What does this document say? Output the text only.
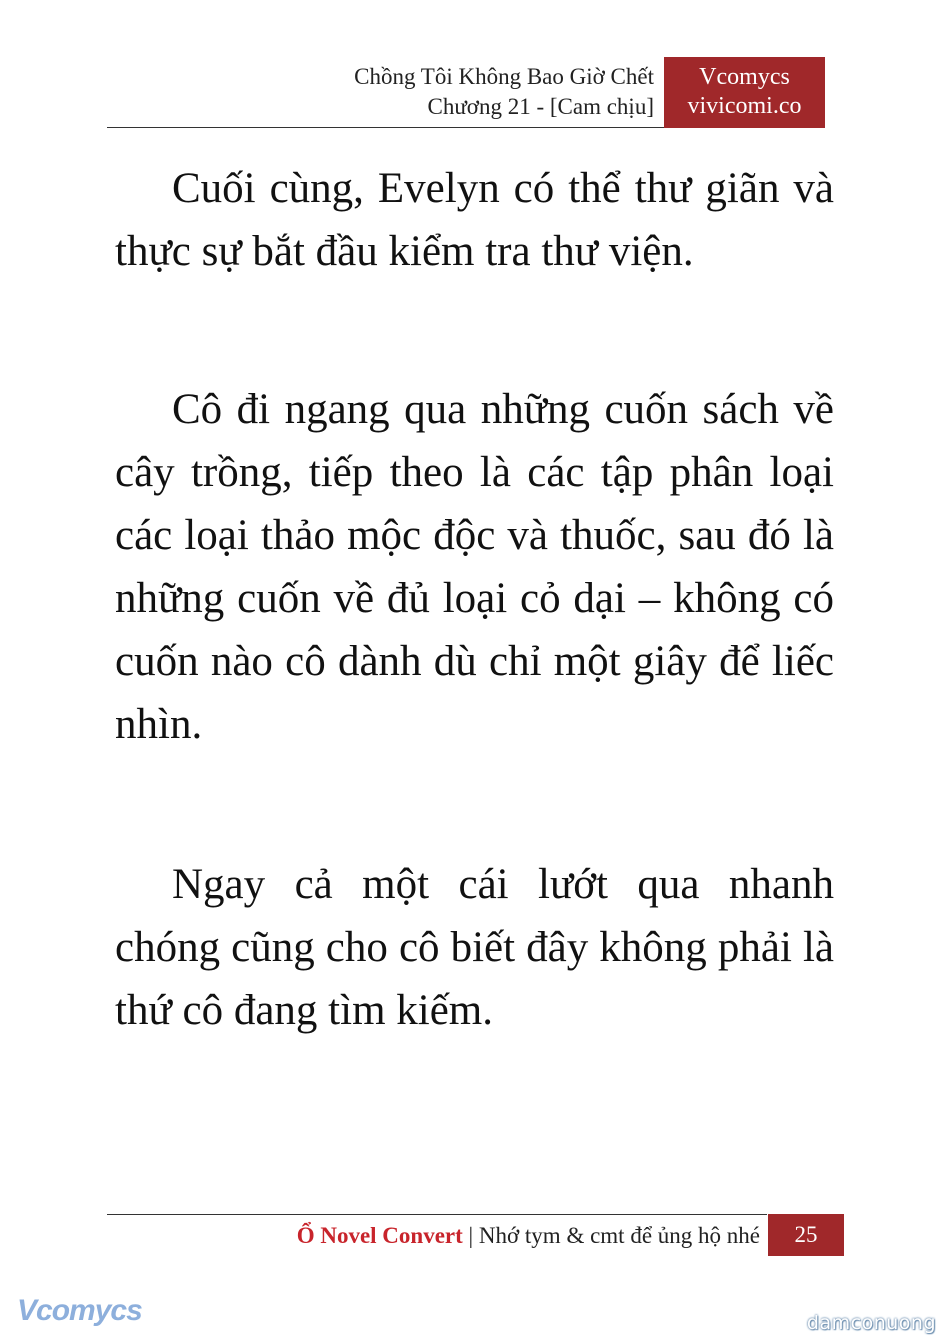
Chồng Tôi Không Bao Giờ Chết
Chương 21 - [Cam chịu]
Vcomycs
vivicomi.co

Cuối cùng, Evelyn có thể thư giãn và thực sự bắt đầu kiểm tra thư viện.

Cô đi ngang qua những cuốn sách về cây trồng, tiếp theo là các tập phân loại các loại thảo mộc độc và thuốc, sau đó là những cuốn về đủ loại cỏ dại – không có cuốn nào cô dành dù chỉ một giây để liếc nhìn.

Ngay cả một cái lướt qua nhanh chóng cũng cho cô biết đây không phải là thứ cô đang tìm kiếm.

Ổ Novel Convert | Nhớ tym & cmt để ủng hộ nhé	25
Vcomycs	damconuong
